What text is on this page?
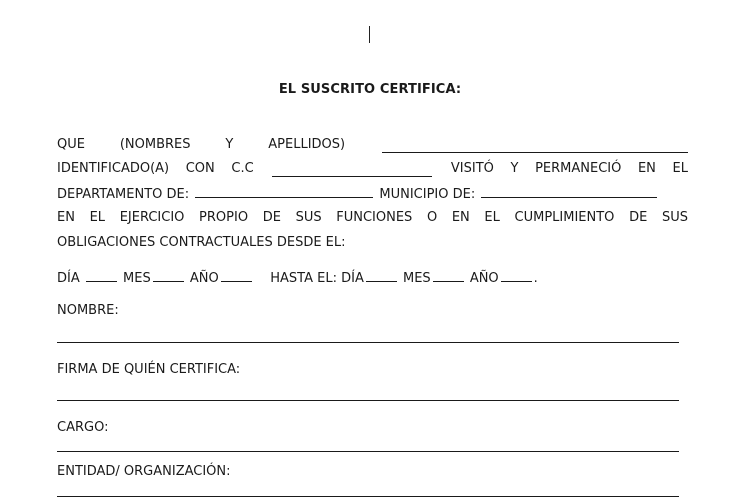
EL SUSCRITO CERTIFICA:
QUE	(NOMBRES	Y	APELLIDOS)
IDENTIFICADO(A) CON C.C	VISITÓ Y PERMANECIÓ EN EL
DEPARTAMENTO DE:	MUNICIPIO DE:
EN EL EJERCICIO PROPIO DE SUS FUNCIONES O EN EL CUMPLIMIENTO DE SUS
OBLIGACIONES CONTRACTUALES DESDE EL:
DÍA	MES	AÑO	HASTA EL: DÍA	MES	AÑO	.
NOMBRE:
FIRMA DE QUIÉN CERTIFICA:
CARGO:
ENTIDAD/ ORGANIZACIÓN:
